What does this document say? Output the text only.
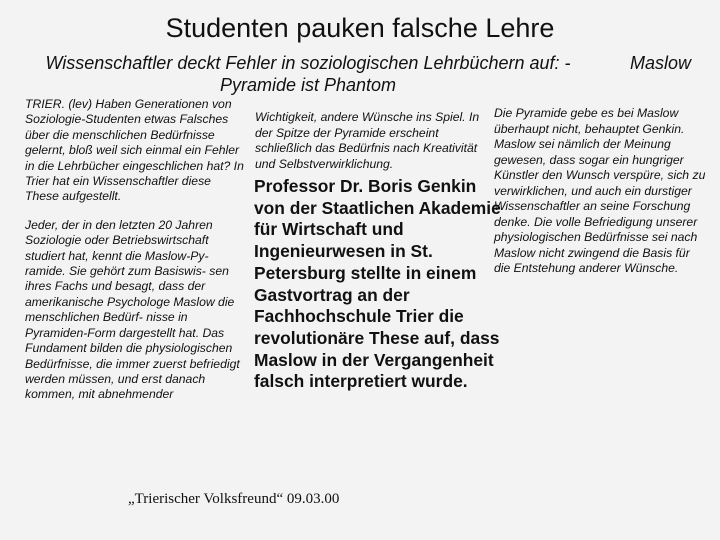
Studenten pauken falsche Lehre
Wissenschaftler deckt Fehler in soziologischen Lehrbüchern auf: -Pyramide ist Phantom
Maslow

TRIER. (lev) Haben Generationen von Soziologie-Studenten etwas Falsches über die menschlichen Bedürfnisse gelernt, bloß weil sich einmal ein Fehler in die Lehrbücher eingeschlichen hat? In Trier hat ein Wissenschaftler diese These aufgestellt.

Jeder, der in den letzten 20 Jahren Soziologie oder Betriebswirtschaft studiert hat, kennt die Maslow-Py- ramide. Sie gehört zum Basiswis- sen ihres Fachs und besagt, dass der amerikanische Psychologe Maslow die menschlichen Bedürf- nisse in Pyramiden-Form dargestellt hat. Das Fundament bilden die physiologischen Bedürfnisse, die immer zuerst befriedigt werden müssen, und erst danach kommen, mit abnehmender

Wichtigkeit, andere Wünsche ins Spiel. In der Spitze der Pyramide erscheint schließlich das Bedürfnis nach Kreativität und Selbstverwirklichung.
Professor Dr. Boris Genkin von der Staatlichen Akademie für Wirtschaft und Ingenieurwesen in St. Petersburg stellte in einem Gastvortrag an der Fachhochschule Trier die revolutionäre These auf, dass Maslow in der Vergangenheit falsch interpretiert wurde.
Die Pyramide gebe es bei Maslow überhaupt nicht, behauptet Genkin. Maslow sei nämlich der Meinung gewesen, dass sogar ein hungriger Künstler den Wunsch verspüre, sich zu verwirklichen, und auch ein durstiger Wissenschaftler an seine Forschung denke. Die volle Befriedigung unserer physiologischen Bedürfnisse sei nach Maslow nicht zwingend die Basis für die Entstehung anderer Wünsche.
„Trierischer Volksfreund“ 09.03.00
